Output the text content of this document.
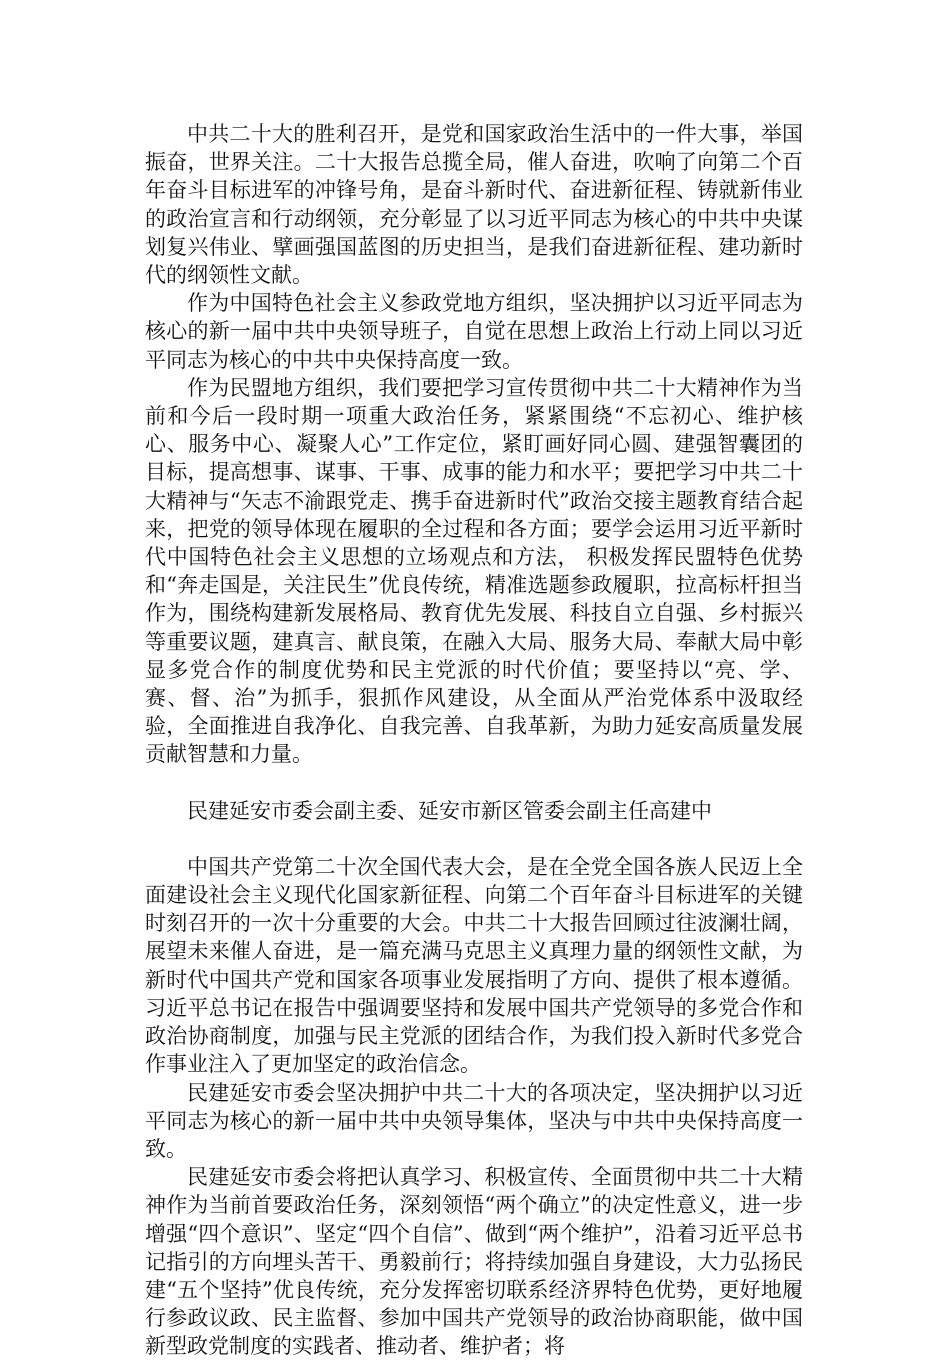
中共二十大的胜利召开，是党和国家政治生活中的一件大事，举国振奋，世界关注。二十大报告总揽全局，催人奋进，吹响了向第二个百年奋斗目标进军的冲锋号角，是奋斗新时代、奋进新征程、铸就新伟业的政治宣言和行动纲领，充分彰显了以习近平同志为核心的中共中央谋划复兴伟业、擘画强国蓝图的历史担当，是我们奋进新征程、建功新时代的纲领性文献。

作为中国特色社会主义参政党地方组织，坚决拥护以习近平同志为核心的新一届中共中央领导班子，自觉在思想上政治上行动上同以习近平同志为核心的中共中央保持高度一致。

作为民盟地方组织，我们要把学习宣传贯彻中共二十大精神作为当前和今后一段时期一项重大政治任务，紧紧围绕“不忘初心、维护核心、服务中心、凝聚人心”工作定位，紧盯画好同心圆、建强智囊团的目标，提高想事、谋事、干事、成事的能力和水平；要把学习中共二十大精神与“矢志不渝跟党走、携手奋进新时代”政治交接主题教育结合起来，把党的领导体现在履职的全过程和各方面；要学会运用习近平新时代中国特色社会主义思想的立场观点和方法， 积极发挥民盟特色优势和“奔走国是，关注民生”优良传统，精准选题参政履职，拉高标杆担当作为，围绕构建新发展格局、教育优先发展、科技自立自强、乡村振兴等重要议题，建真言、献良策，在融入大局、服务大局、奉献大局中彰显多党合作的制度优势和民主党派的时代价值；要坚持以“亮、学、赛、督、治”为抓手，狠抓作风建设，从全面从严治党体系中汲取经验，全面推进自我净化、自我完善、自我革新，为助力延安高质量发展贡献智慧和力量。

民建延安市委会副主委、延安市新区管委会副主任高建中

中国共产党第二十次全国代表大会，是在全党全国各族人民迈上全面建设社会主义现代化国家新征程、向第二个百年奋斗目标进军的关键时刻召开的一次十分重要的大会。中共二十大报告回顾过往波澜壮阔，展望未来催人奋进，是一篇充满马克思主义真理力量的纲领性文献，为新时代中国共产党和国家各项事业发展指明了方向、提供了根本遵循。习近平总书记在报告中强调要坚持和发展中国共产党领导的多党合作和政治协商制度，加强与民主党派的团结合作，为我们投入新时代多党合作事业注入了更加坚定的政治信念。

民建延安市委会坚决拥护中共二十大的各项决定，坚决拥护以习近平同志为核心的新一届中共中央领导集体，坚决与中共中央保持高度一致。

民建延安市委会将把认真学习、积极宣传、全面贯彻中共二十大精神作为当前首要政治任务，深刻领悟“两个确立”的决定性意义，进一步增强“四个意识”、坚定“四个自信”、做到“两个维护”，沿着习近平总书记指引的方向埋头苦干、勇毅前行；将持续加强自身建设，大力弘扬民建“五个坚持”优良传统，充分发挥密切联系经济界特色优势，更好地履行参政议政、民主监督、参加中国共产党领导的政治协商职能，做中国新型政党制度的实践者、推动者、维护者；将
